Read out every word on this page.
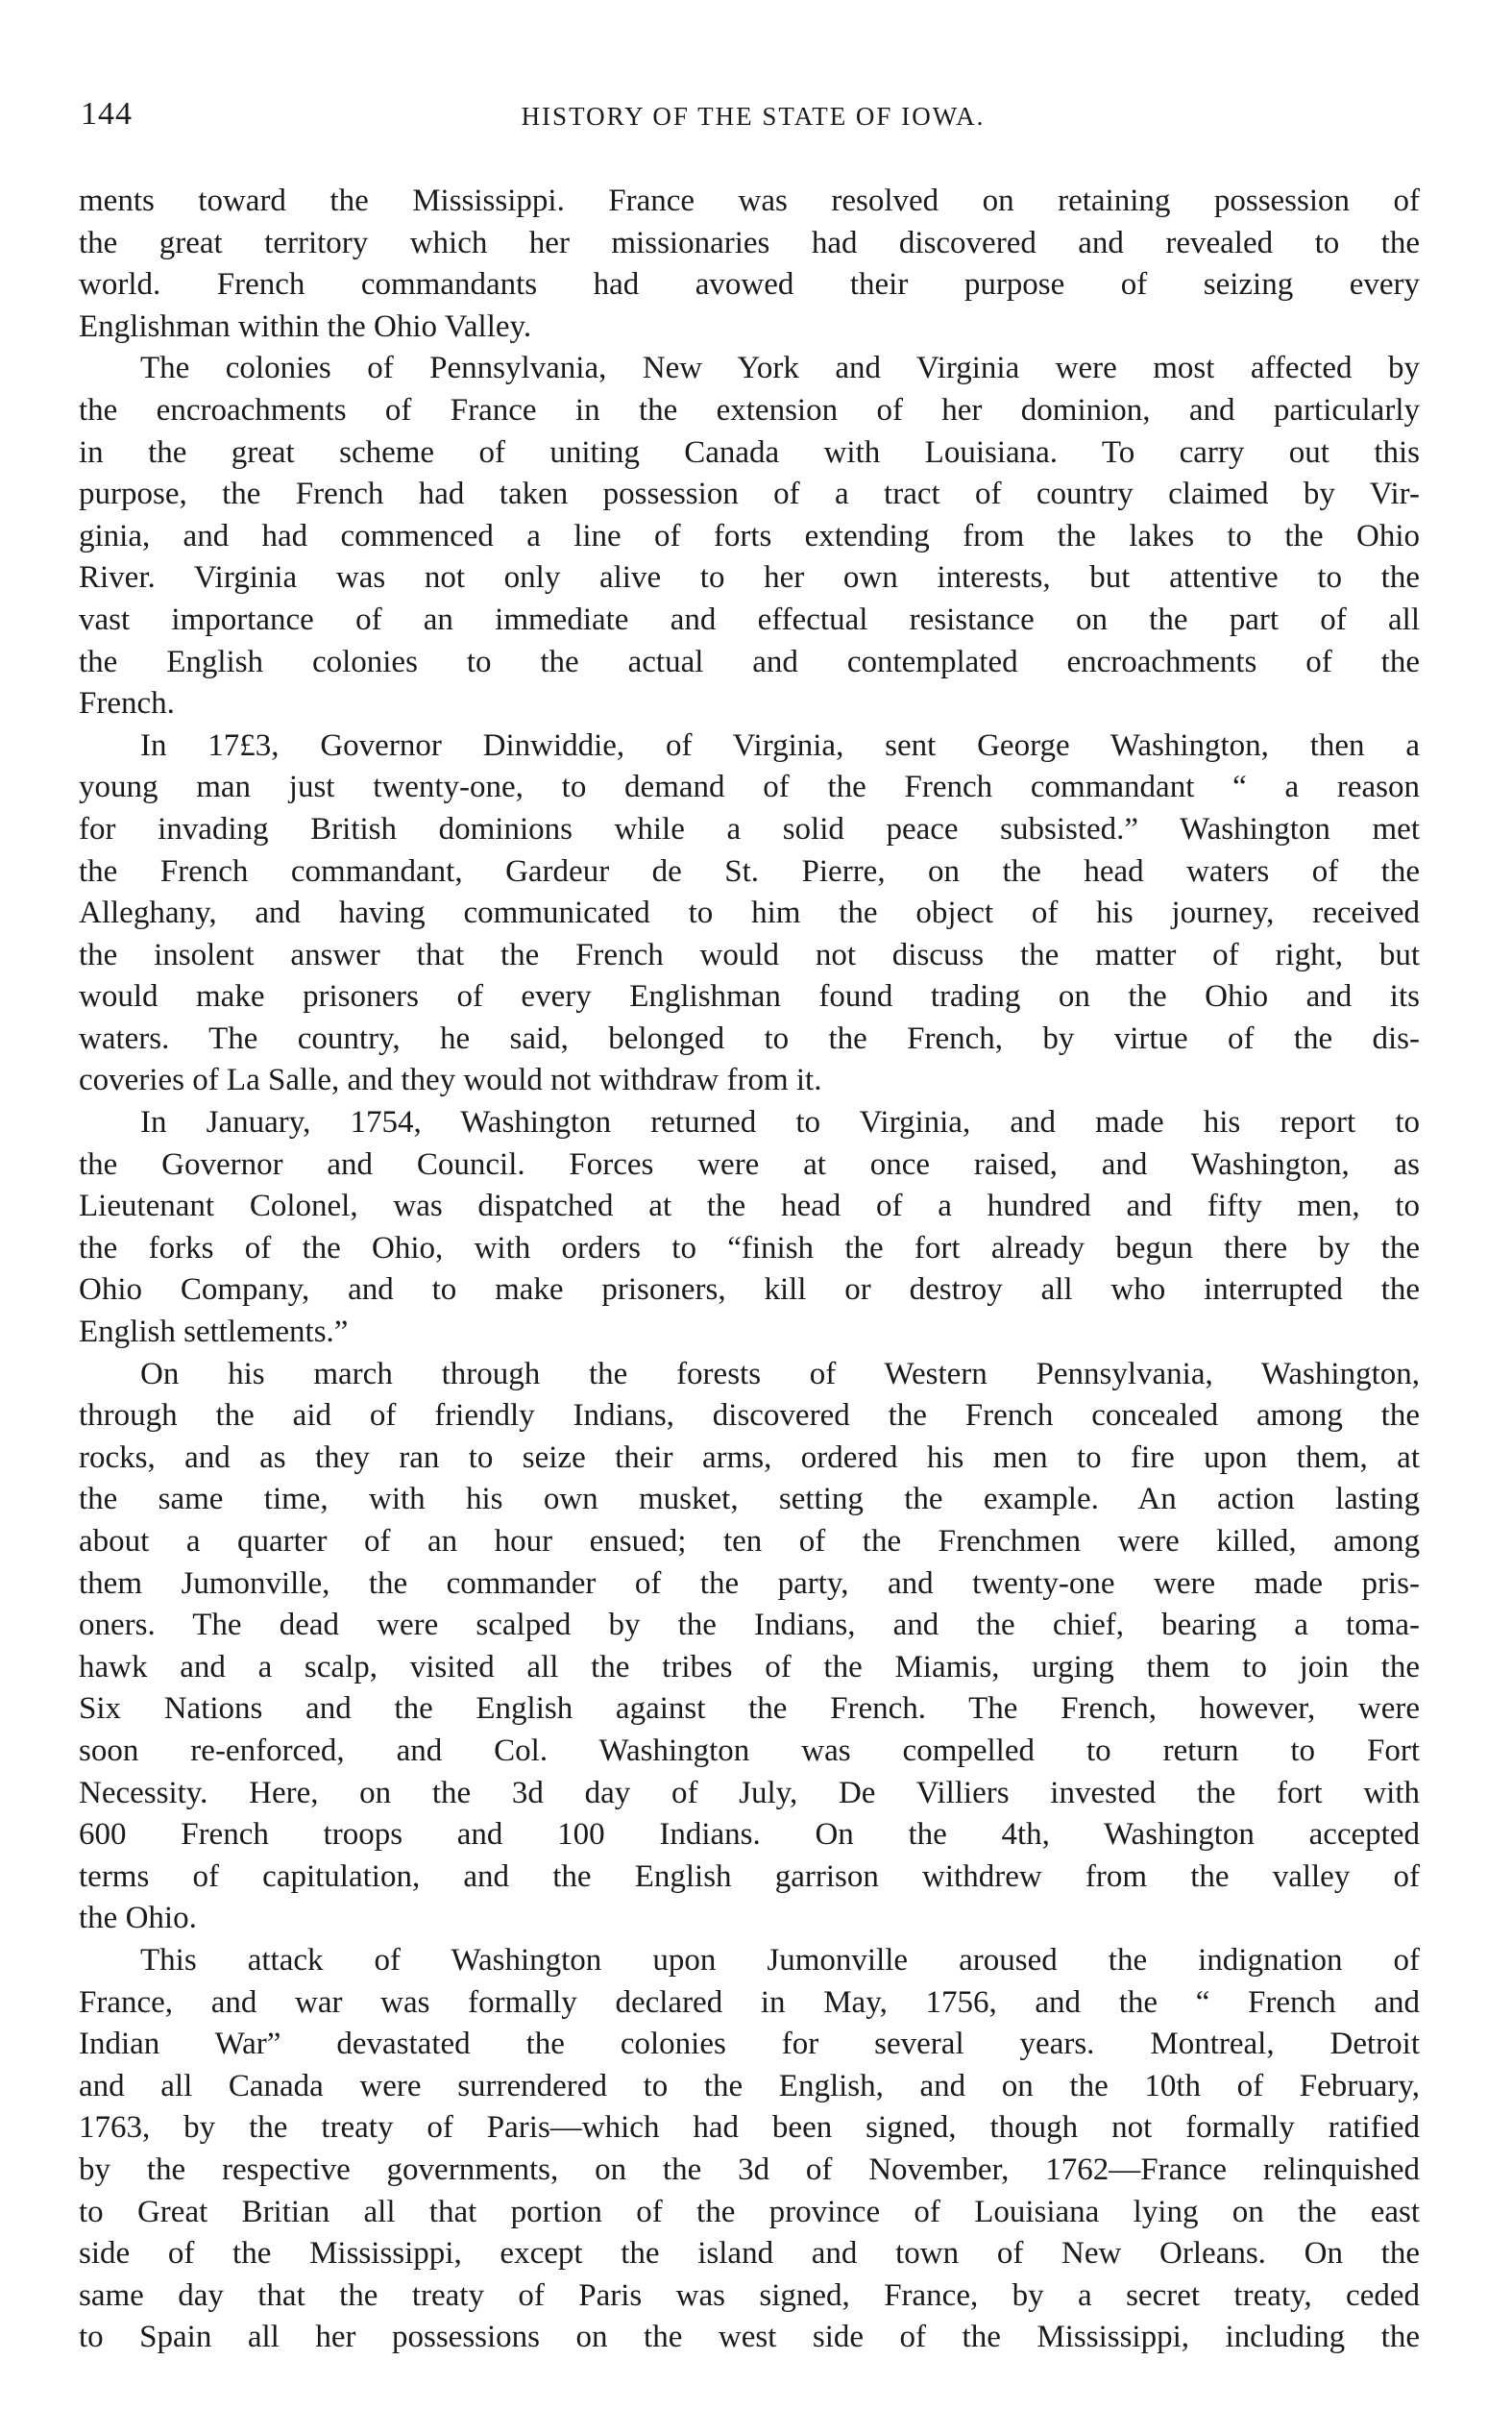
144	HISTORY OF THE STATE OF IOWA.
ments toward the Mississippi. France was resolved on retaining possession of
the great territory which her missionaries had discovered and revealed to the
world. French commandants had avowed their purpose of seizing every
Englishman within the Ohio Valley.
The colonies of Pennsylvania, New York and Virginia were most affected by
the encroachments of France in the extension of her dominion, and particularly
in the great scheme of uniting Canada with Louisiana. To carry out this
purpose, the French had taken possession of a tract of country claimed by Vir-
ginia, and had commenced a line of forts extending from the lakes to the Ohio
River. Virginia was not only alive to her own interests, but attentive to the
vast importance of an immediate and effectual resistance on the part of all
the English colonies to the actual and contemplated encroachments of the
French.
In 17£3, Governor Dinwiddie, of Virginia, sent George Washington, then a
young man just twenty-one, to demand of the French commandant “ a reason
for invading British dominions while a solid peace subsisted.” Washington met
the French commandant, Gardeur de St. Pierre, on the head waters of the
Alleghany, and having communicated to him the object of his journey, received
the insolent answer that the French would not discuss the matter of right, but
would make prisoners of every Englishman found trading on the Ohio and its
waters. The country, he said, belonged to the French, by virtue of the dis-
coveries of La Salle, and they would not withdraw from it.
In January, 1754, Washington returned to Virginia, and made his report to
the Governor and Council. Forces were at once raised, and Washington, as
Lieutenant Colonel, was dispatched at the head of a hundred and fifty men, to
the forks of the Ohio, with orders to “finish the fort already begun there by the
Ohio Company, and to make prisoners, kill or destroy all who interrupted the
English settlements.”
On his march through the forests of Western Pennsylvania, Washington,
through the aid of friendly Indians, discovered the French concealed among the
rocks, and as they ran to seize their arms, ordered his men to fire upon them, at
the same time, with his own musket, setting the example. An action lasting
about a quarter of an hour ensued; ten of the Frenchmen were killed, among
them Jumonville, the commander of the party, and twenty-one were made pris-
oners. The dead were scalped by the Indians, and the chief, bearing a toma-
hawk and a scalp, visited all the tribes of the Miamis, urging them to join the
Six Nations and the English against the French. The French, however, were
soon re-enforced, and Col. Washington was compelled to return to Fort
Necessity. Here, on the 3d day of July, De Villiers invested the fort with
600 French troops and 100 Indians. On the 4th, Washington accepted
terms of capitulation, and the English garrison withdrew from the valley of
the Ohio.
This attack of Washington upon Jumonville aroused the indignation of
France, and war was formally declared in May, 1756, and the “ French and
Indian War” devastated the colonies for several years. Montreal, Detroit
and all Canada were surrendered to the English, and on the 10th of February,
1763, by the treaty of Paris—which had been signed, though not formally ratified
by the respective governments, on the 3d of November, 1762—France relinquished
to Great Britian all that portion of the province of Louisiana lying on the east
side of the Mississippi, except the island and town of New Orleans. On the
same day that the treaty of Paris was signed, France, by a secret treaty, ceded
to Spain all her possessions on the west side of the Mississippi, including the
